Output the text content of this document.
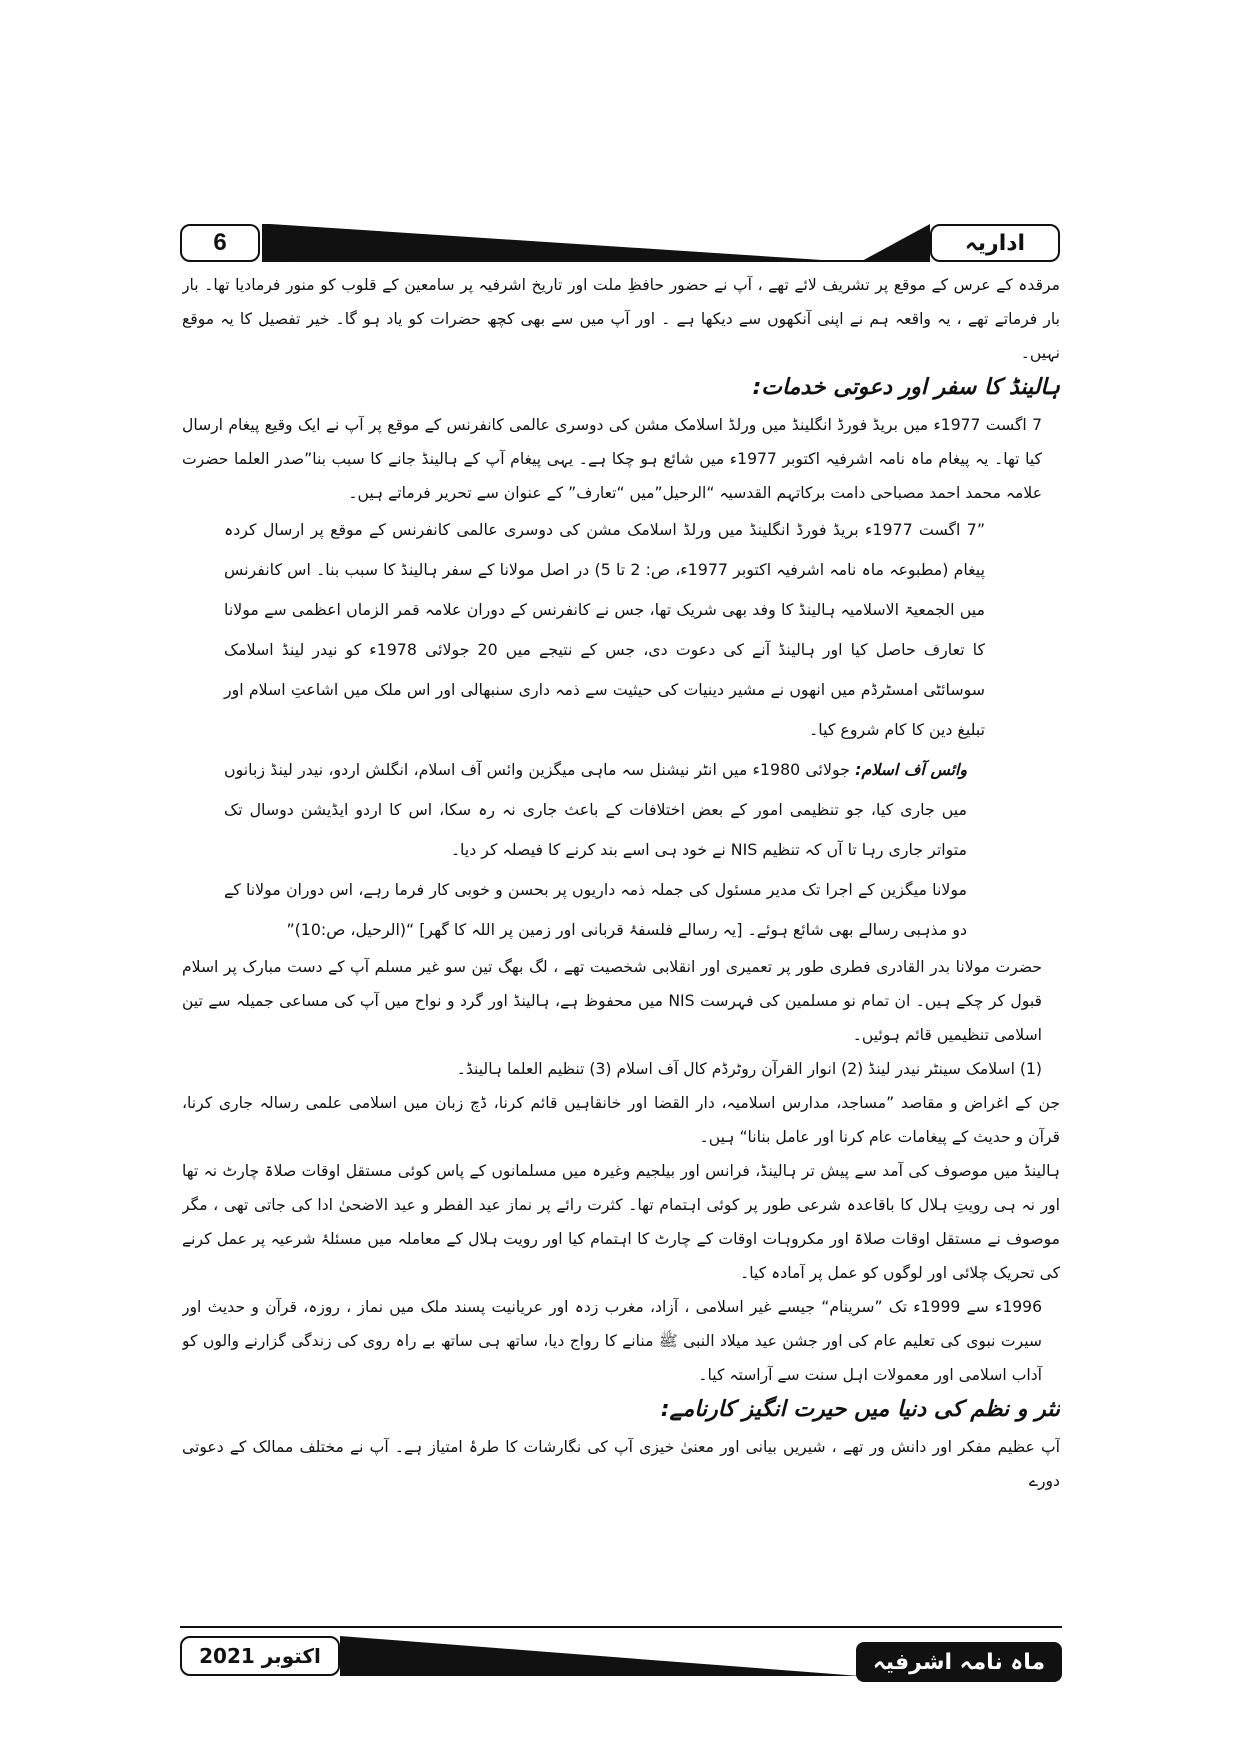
6	اداریہ

مرقدہ کے عرس کے موقع پر تشریف لائے تھے ، آپ نے حضور حافظِ ملت اور تاریخ اشرفیہ پر سامعین کے قلوب کو منور فرمادیا تھا۔ بار بار فرماتے تھے ، یہ واقعہ ہم نے اپنی آنکھوں سے دیکھا ہے ۔ اور آپ میں سے بھی کچھ حضرات کو یاد ہو گا۔ خیر تفصیل کا یہ موقع نہیں۔

ہالینڈ کا سفر اور دعوتی خدمات:

7 اگست 1977ء میں بریڈ فورڈ انگلینڈ میں ورلڈ اسلامک مشن کی دوسری عالمی کانفرنس کے موقع پر آپ نے ایک وقیع پیغام ارسال کیا تھا۔ یہ پیغام ماہ نامہ اشرفیہ اکتوبر 1977ء میں شائع ہو چکا ہے۔ یہی پیغام آپ کے ہالینڈ جانے کا سبب بنا”صدر العلما حضرت علامہ محمد احمد مصباحی دامت برکاتہم القدسیہ “الرحیل”میں “تعارف” کے عنوان سے تحریر فرماتے ہیں۔

”7 اگست 1977ء بریڈ فورڈ انگلینڈ میں ورلڈ اسلامک مشن کی دوسری عالمی کانفرنس کے موقع پر ارسال کردہ پیغام (مطبوعہ ماہ نامہ اشرفیہ اکتوبر 1977ء، ص: 2 تا 5) در اصل مولانا کے سفر ہالینڈ کا سبب بنا۔ اس کانفرنس میں الجمعیۃ الاسلامیہ ہالینڈ کا وفد بھی شریک تھا، جس نے کانفرنس کے دوران علامہ قمر الزماں اعظمی سے مولانا کا تعارف حاصل کیا اور ہالینڈ آنے کی دعوت دی، جس کے نتیجے میں 20 جولائی 1978ء کو نیدر لینڈ اسلامک سوسائٹی امسٹرڈم میں انھوں نے مشیر دینیات کی حیثیت سے ذمہ داری سنبھالی اور اس ملک میں اشاعتِ اسلام اور تبلیغ دین کا کام شروع کیا۔

وائس آف اسلام: جولائی 1980ء میں انٹر نیشنل سہ ماہی میگزین وائس آف اسلام، انگلش اردو، نیدر لینڈ زبانوں میں جاری کیا، جو تنظیمی امور کے بعض اختلافات کے باعث جاری نہ رہ سکا، اس کا اردو ایڈیشن دوسال تک متواتر جاری رہا تا آں کہ تنظیم NIS نے خود ہی اسے بند کرنے کا فیصلہ کر دیا۔

مولانا میگزین کے اجرا تک مدیر مسئول کی جملہ ذمہ داریوں پر بحسن و خوبی کار فرما رہے، اس دوران مولانا کے دو مذہبی رسالے بھی شائع ہوئے۔ [یہ رسالے فلسفۂ قربانی اور زمین پر اللہ کا گھر] “(الرحیل، ص:10)”

حضرت مولانا بدر القادری فطری طور پر تعمیری اور انقلابی شخصیت تھے ، لگ بھگ تین سو غیر مسلم آپ کے دست مبارک پر اسلام قبول کر چکے ہیں۔ ان تمام نو مسلمین کی فہرست NIS میں محفوظ ہے، ہالینڈ اور گرد و نواح میں آپ کی مساعی جمیلہ سے تین اسلامی تنظیمیں قائم ہوئیں۔

(1) اسلامک سینٹر نیدر لینڈ (2) انوار القرآن روٹرڈم کال آف اسلام (3) تنظیم العلما ہالینڈ۔

جن کے اغراض و مقاصد ”مساجد، مدارس اسلامیہ، دار القضا اور خانقاہیں قائم کرنا، ڈچ زبان میں اسلامی علمی رسالہ جاری کرنا، قرآن و حدیث کے پیغامات عام کرنا اور عامل بنانا“ ہیں۔

ہالینڈ میں موصوف کی آمد سے پیش تر ہالینڈ، فرانس اور بیلجیم وغیرہ میں مسلمانوں کے پاس کوئی مستقل اوقات صلاۃ چارٹ نہ تھا اور نہ ہی رویتِ ہلال کا باقاعدہ شرعی طور پر کوئی اہتمام تھا۔ کثرت رائے پر نماز عید الفطر و عید الاضحیٰ ادا کی جاتی تھی ، مگر موصوف نے مستقل اوقات صلاۃ اور مکروہات اوقات کے چارٹ کا اہتمام کیا اور رویت ہلال کے معاملہ میں مسئلۂ شرعیہ پر عمل کرنے کی تحریک چلائی اور لوگوں کو عمل پر آمادہ کیا۔

1996ء سے 1999ء تک ”سرینام“ جیسے غیر اسلامی ، آزاد، مغرب زدہ اور عریانیت پسند ملک میں نماز ، روزہ، قرآن و حدیث اور سیرت نبوی کی تعلیم عام کی اور جشن عید میلاد النبی ﷺ منانے کا رواج دیا، ساتھ ہی ساتھ بے راہ روی کی زندگی گزارنے والوں کو آداب اسلامی اور معمولات اہل سنت سے آراستہ کیا۔

نثر و نظم کی دنیا میں حیرت انگیز کارنامے:

آپ عظیم مفکر اور دانش ور تھے ، شیریں بیانی اور معنیٰ خیزی آپ کی نگارشات کا طرۂ امتیاز ہے۔ آپ نے مختلف ممالک کے دعوتی دورے

اکتوبر 2021	ماہ نامہ اشرفیہ
